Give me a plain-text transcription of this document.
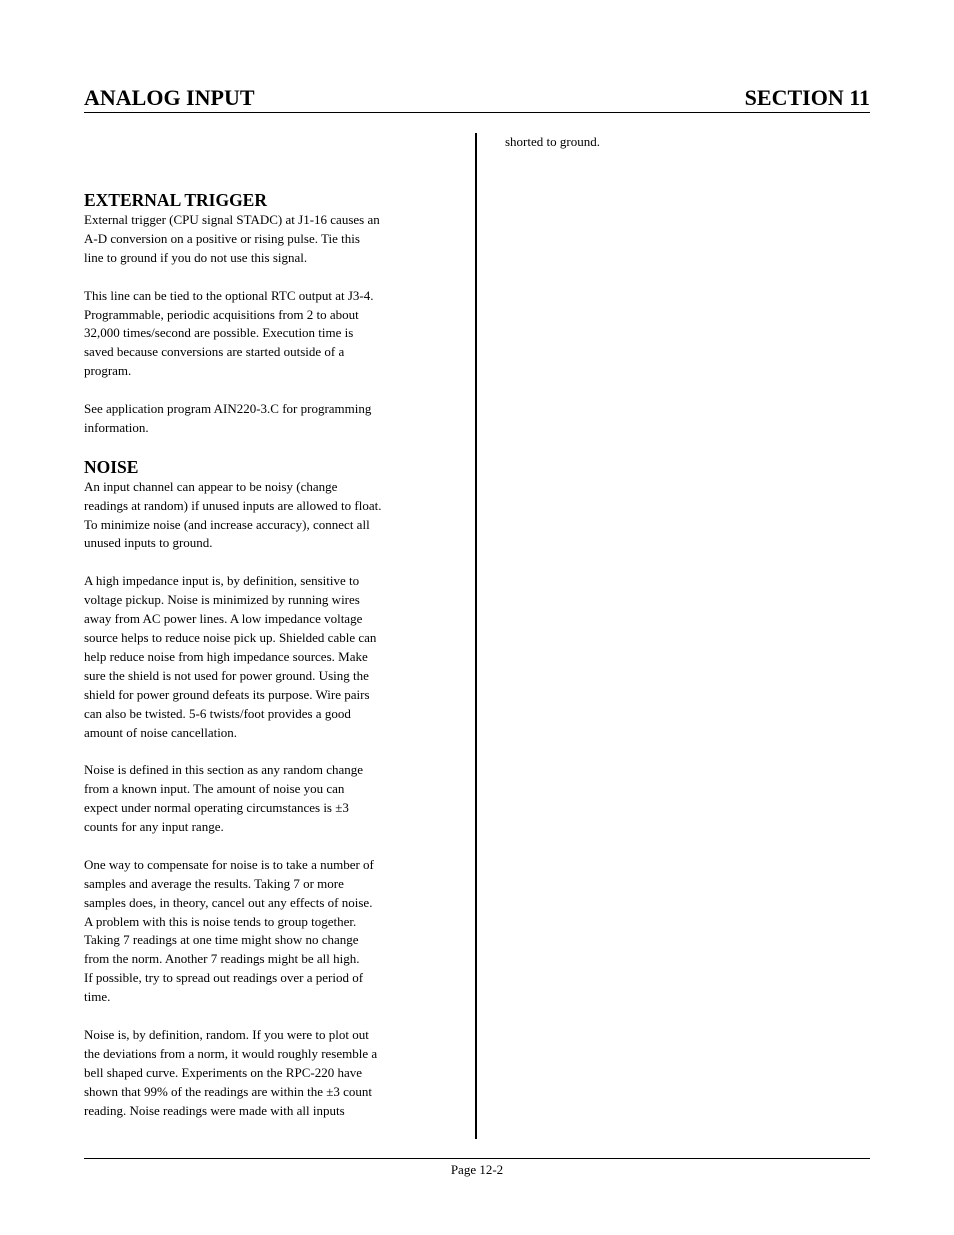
ANALOG INPUT	SECTION 11
EXTERNAL TRIGGER

External trigger (CPU signal STADC) at J1-16 causes an
A-D conversion on a positive or rising pulse. Tie this
line to ground if you do not use this signal.

This line can be tied to the optional RTC output at J3-4.
Programmable, periodic acquisitions from 2 to about
32,000 times/second are possible. Execution time is
saved because conversions are started outside of a
program.

See application program AIN220-3.C for programming
information.

NOISE

An input channel can appear to be noisy (change
readings at random) if unused inputs are allowed to float.
To minimize noise (and increase accuracy), connect all
unused inputs to ground.

A high impedance input is, by definition, sensitive to
voltage pickup. Noise is minimized by running wires
away from AC power lines. A low impedance voltage
source helps to reduce noise pick up. Shielded cable can
help reduce noise from high impedance sources. Make
sure the shield is not used for power ground. Using the
shield for power ground defeats its purpose. Wire pairs
can also be twisted. 5-6 twists/foot provides a good
amount of noise cancellation.

Noise is defined in this section as any random change
from a known input. The amount of noise you can
expect under normal operating circumstances is ±3
counts for any input range.

One way to compensate for noise is to take a number of
samples and average the results. Taking 7 or more
samples does, in theory, cancel out any effects of noise.
A problem with this is noise tends to group together.
Taking 7 readings at one time might show no change
from the norm. Another 7 readings might be all high.
If possible, try to spread out readings over a period of
time.

Noise is, by definition, random. If you were to plot out
the deviations from a norm, it would roughly resemble a
bell shaped curve. Experiments on the RPC-220 have
shown that 99% of the readings are within the ±3 count
reading. Noise readings were made with all inputs

shorted to ground.

Page 12-2
